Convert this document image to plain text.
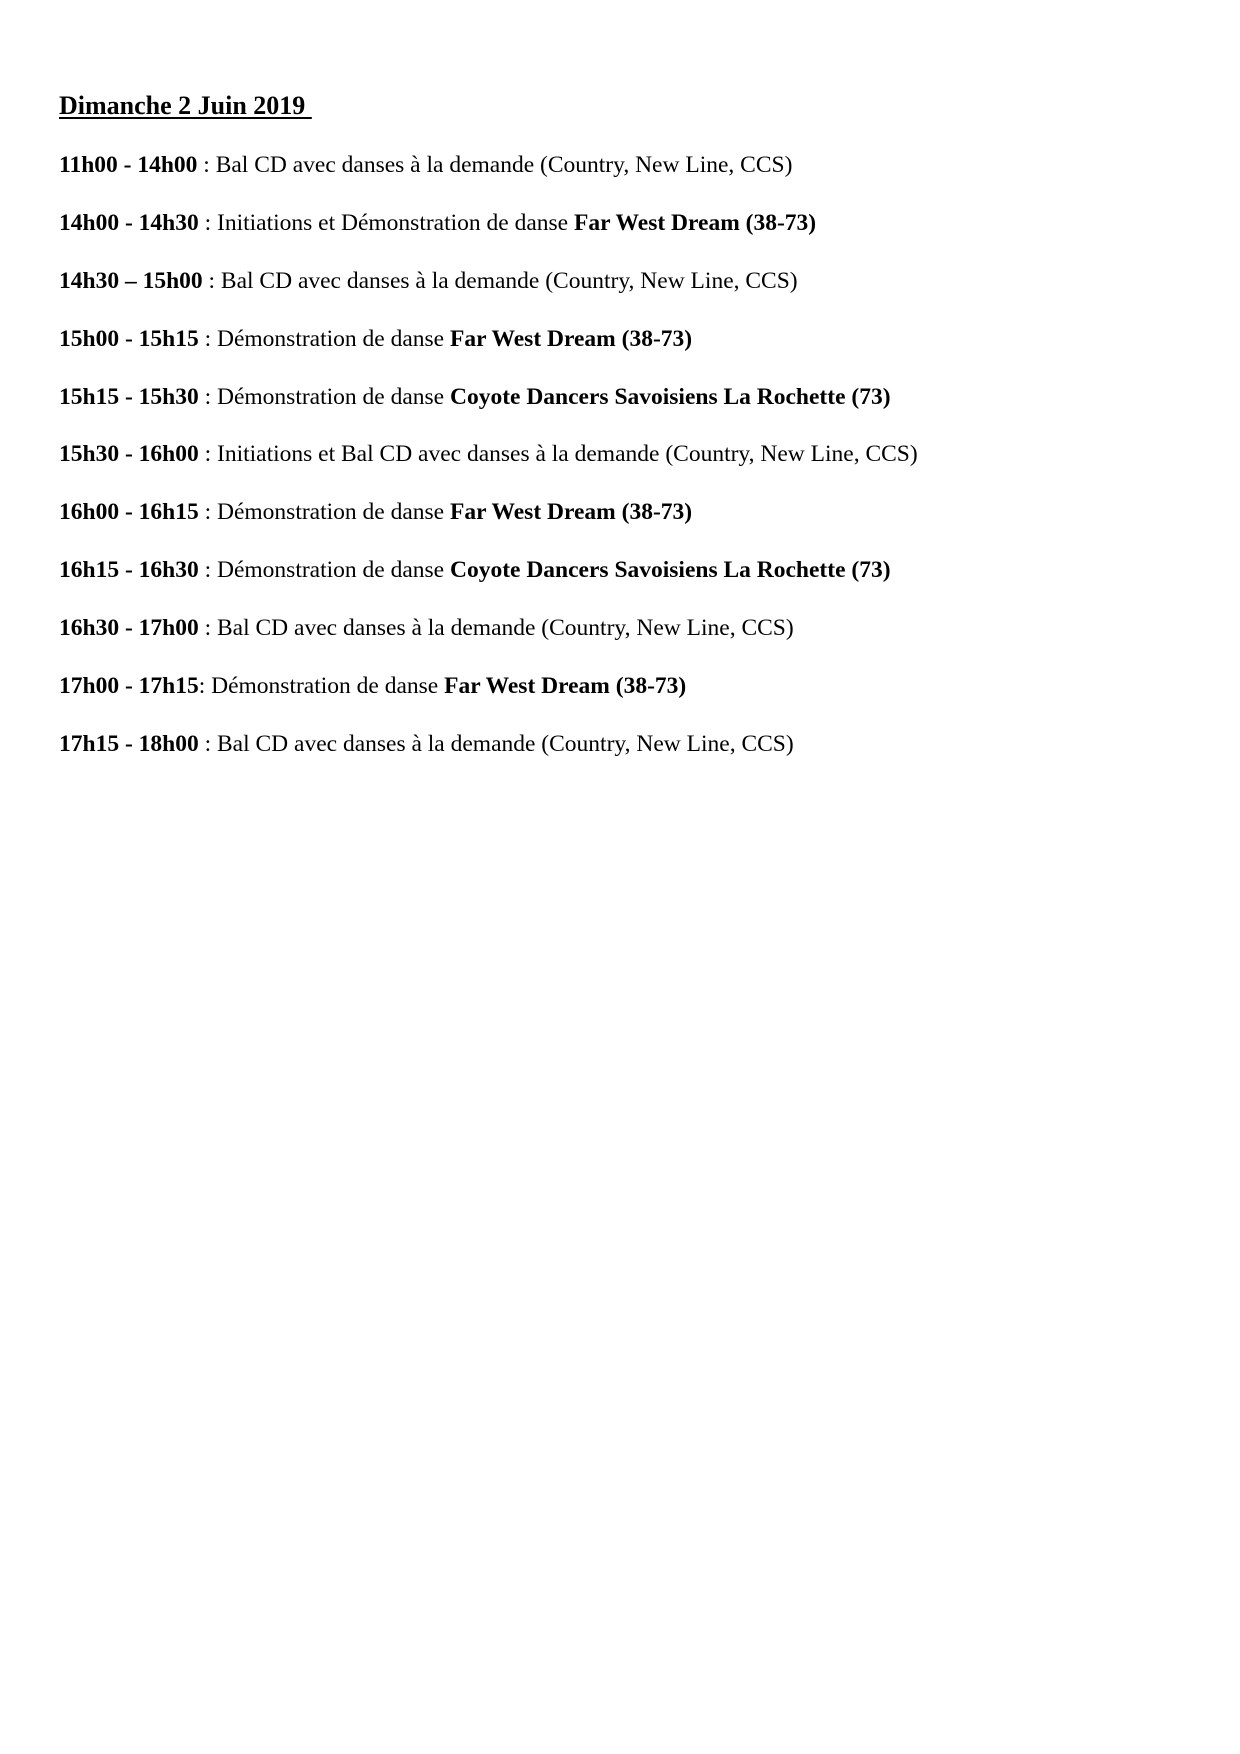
Dimanche 2 Juin 2019
11h00 - 14h00 : Bal CD avec danses à la demande (Country, New Line, CCS)
14h00 - 14h30 : Initiations et Démonstration de danse Far West Dream (38-73)
14h30 – 15h00 : Bal CD avec danses à la demande (Country, New Line, CCS)
15h00 - 15h15 : Démonstration de danse Far West Dream (38-73)
15h15 - 15h30 : Démonstration de danse Coyote Dancers Savoisiens La Rochette (73)
15h30 - 16h00 : Initiations et Bal CD avec danses à la demande (Country, New Line, CCS)
16h00 - 16h15 : Démonstration de danse Far West Dream (38-73)
16h15 - 16h30 : Démonstration de danse Coyote Dancers Savoisiens La Rochette (73)
16h30 - 17h00 : Bal CD avec danses à la demande (Country, New Line, CCS)
17h00 - 17h15: Démonstration de danse Far West Dream (38-73)
17h15 - 18h00 : Bal CD avec danses à la demande (Country, New Line, CCS)
